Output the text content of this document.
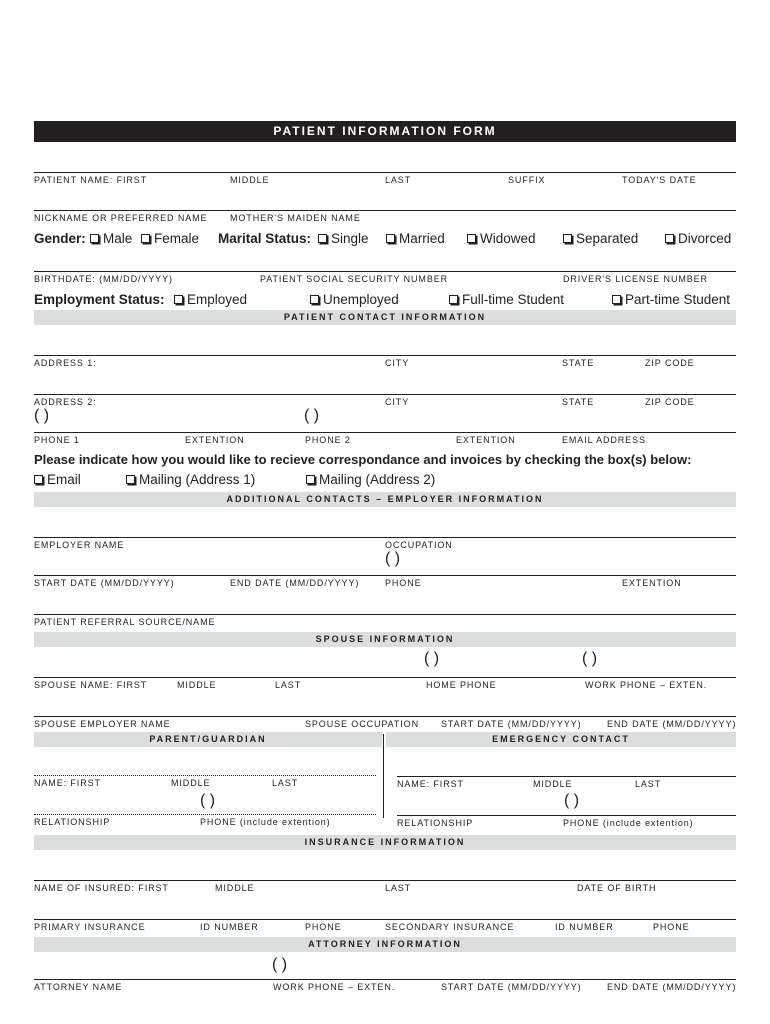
PATIENT INFORMATION FORM
PATIENT NAME: FIRST	MIDDLE	LAST	SUFFIX	TODAY'S DATE
NICKNAME OR PREFERRED NAME	MOTHER'S MAIDEN NAME
Gender: Male Female Marital Status: Single Married	Widowed	Separated	Divorced
BIRTHDATE: (MM/DD/YYYY)	PATIENT SOCIAL SECURITY NUMBER	DRIVER'S LICENSE NUMBER
Employment Status: Employed	Unemployed	Full-time Student	Part-time Student
PATIENT CONTACT INFORMATION
ADDRESS 1:	CITY	STATE	ZIP CODE
ADDRESS 2:	CITY	STATE	ZIP CODE
( )	( )
PHONE 1	EXTENTION	PHONE 2	EXTENTION	EMAIL ADDRESS
Please indicate how you would like to recieve correspondance and invoices by checking the box(s) below:
Email	Mailing (Address 1)	Mailing (Address 2)
ADDITIONAL CONTACTS – EMPLOYER INFORMATION
EMPLOYER NAME	OCCUPATION
( )
START DATE (MM/DD/YYYY)	END DATE (MM/DD/YYYY)	PHONE	EXTENTION
PATIENT REFERRAL SOURCE/NAME
SPOUSE INFORMATION
( )	( )
SPOUSE NAME: FIRST	MIDDLE	LAST	HOME PHONE	WORK PHONE – EXTEN.
SPOUSE EMPLOYER NAME	SPOUSE OCCUPATION START DATE (MM/DD/YYYY)	END DATE (MM/DD/YYYY)
PARENT/GUARDIAN	EMERGENCY CONTACT
NAME: FIRST	MIDDLE	LAST	NAME: FIRST	MIDDLE	LAST
( )	( )
RELATIONSHIP	PHONE (include extention)	RELATIONSHIP	PHONE (include extention)
INSURANCE INFORMATION
NAME OF INSURED: FIRST	MIDDLE	LAST	DATE OF BIRTH
PRIMARY INSURANCE	ID NUMBER	PHONE	SECONDARY INSURANCE	ID NUMBER	PHONE
ATTORNEY INFORMATION
( )
ATTORNEY NAME	WORK PHONE – EXTEN.	START DATE (MM/DD/YYYY)	END DATE (MM/DD/YYYY)
